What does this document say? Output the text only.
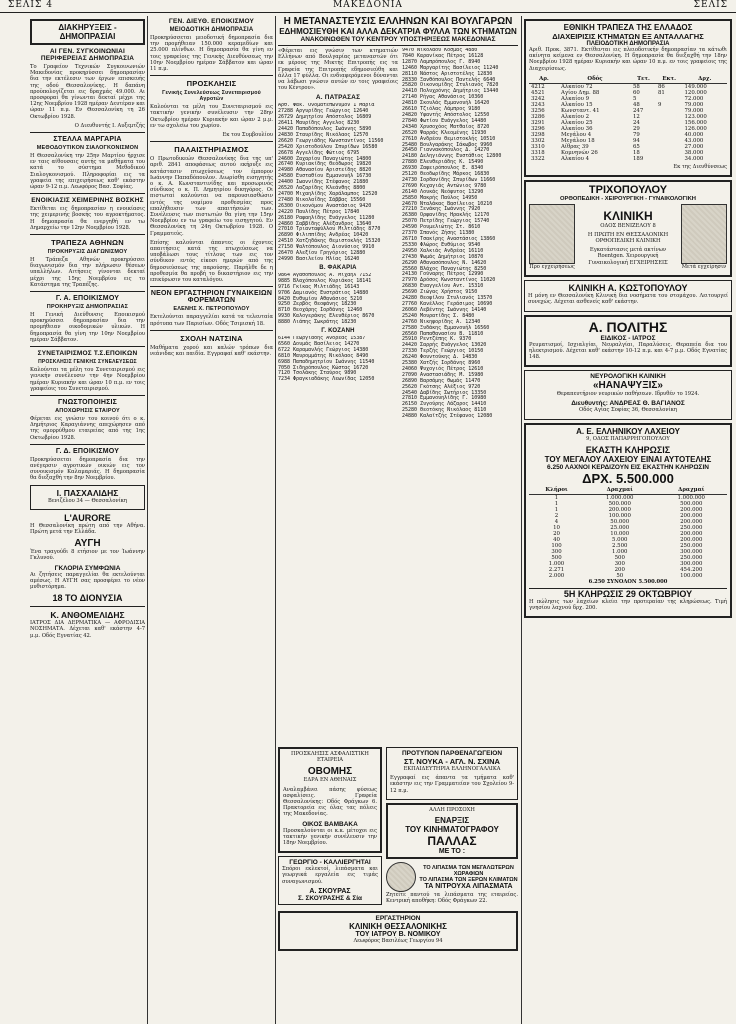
ΣΕΛΙΣ 4	ΜΑΚΕΔΟΝΙΑ	ΣΕΛΙΣ
ΔΙΑΚΗΡΥΞΕΙΣ - ΔΗΜΟΠΡΑΣΙΑΙ
ΑΙ ΓΕΝ. ΣΥΓΚΟΙΝΩΝΙΑΙ ΠΕΡΙΦΕΡΕΙΑΣ ΔΗΜΟΠΡΑΣΙΑ

Το Γραφείον Τεχνικών Συγκοινωνιών Μακεδονίας προκηρύσσει δημοπρασίαν δια την εκτέλεσιν των έργων επισκευής της οδού Θεσσαλονίκης. Η δαπάνη προϋπολογίζεται εις δραχμάς 49.000. Αι προσφοραί θα γίνωνται δεκταί μέχρι της 12ης Νοεμβρίου 1928 ημέραν Δευτέραν και ώραν 11 π.μ. Εν Θεσσαλονίκη τη 26 Οκτωβρίου 1928.

Ο Διευθυντής Ι. Αυξεμτζής

ΣΤΕΛΛΑ ΜΑΡΓΑΡΙΑ
ΜΕΘΟΔΟΥΤΙΚΟΝ ΣΙΑΛΟΓΚΟΝΙΣΜΟΝ

Η Θεσσαλονίκη την 25ην Μαρτίου ήρχισε εν ταις αίθουσαις αυτής τα μαθήματα του κατά το σύστημα Μεθοδικού Σιαλογκονισμού. Πληροφορίαι εις τα γραφεία της επιχειρήσεως καθ' εκάστην ώραν 9-12 π.μ. Λεωφόρος Βασ. Σοφίας.

ΕΝΟΙΚΙΑΣΙΣ ΧΕΙΜΕΡΙΝΗΣ ΒΟΣΚΗΣ

Εκτίθεται εις δημοπρασίαν η ενοικίασις της χειμερινής βοσκής του αγροκτήματος. Η δημοπρασία θα ενεργηθή εν τω Δημαρχείω την 12ην Νοεμβρίου 1928.

ΤΡΑΠΕΖΑ ΑΘΗΝΩΝ
ΠΡΟΚΗΡΥΞΙΣ ΔΙΑΓΩΝΙΣΜΟΥ

Η Τράπεζα Αθηνών προκηρύσσει διαγωνισμόν δια την πλήρωσιν θέσεων υπαλλήλων. Αιτήσεις γίνονται δεκταί μέχρι της 15ης Νοεμβρίου εις το Κατάστημα της Τραπέζης.

Γ. Α. ΕΠΟΙΚΙΣΜΟΥ
ΠΡΟΚΗΡΥΞΙΣ ΔΗΜΟΠΡΑΣΙΑΣ

Η Γενική Διεύθυνσις Εποικισμού προκηρύσσει δημοπρασίαν δια την προμήθειαν οικοδομικών υλικών. Η δημοπρασία θα γίνη την 10ην Νοεμβρίου ημέραν Σάββατον.

ΣΥΝΕΤΑΙΡΙΣΜΟΣ Τ.Σ.ΕΠΟΙΚΩΝ
ΠΡΟΣΚΛΗΣΙΣ ΓΕΝΙΚΗΣ ΣΥΝΕΛΕΥΣΕΩΣ

Καλούνται τα μέλη του Συνεταιρισμού εις γενικήν συνέλευσιν την 4ην Νοεμβρίου ημέραν Κυριακήν και ώραν 10 π.μ. εν τοις γραφείοις του Συνεταιρισμού.

ΓΝΩΣΤΟΠΟΙΗΣΙΣ
ΑΠΟΧΩΡΗΣΙΣ ΕΤΑΙΡΟΥ

Φέρεται εις γνώσιν του κοινού ότι ο κ. Δημήτριος Καραγιάννης απεχώρησεν από της ομορρύθμου εταιρείας από της 1ης Οκτωβρίου 1928.

Γ. Δ. ΕΠΟΙΚΙΣΜΟΥ

Προκηρύσσεται δημοπρασία δια την ανέγερσιν αγροτικών οικιών εις τον συνοικισμόν Καλαμαριάς. Η δημοπρασία θα διεξαχθή την 8ην Νοεμβρίου.

Ι. ΠΑΣΧΑΛΙΔΗΣ
Βενιζέλου 34 — Θεσσαλονίκη
L'AURORE

Η Θεσσαλονίκη πρώτη από την Αθήνα. Πρώτη μετά την Ελλάδα.

ΑΥΓΗ

Ένα τραγούδι 8 ετήσιον με τον Ίωάννην Γκλυνού.

ΓΚΛΟΡΙΑ ΣΥΜΦΩΝΙΑ

Αι ζητήσεις παραγγελίαι θα εκτελούνται αμέσως. Η ΑΥΓΗ σας προσφέρει το νέον μυθιστόρημα.

18 ΤΟ ΔΙΟΝΥΣΙΑ
Κ. ΑΝΘΟΜΕΛΙΔΗΣ

ΙΑΤΡΟΣ ΔΙΑ ΔΕΡΜΑΤΙΚΑ — ΑΦΡΟΔΙΣΙΑ ΝΟΣΗΜΑΤΑ. Δέχεται καθ' εκάστην 4-7 μ.μ. Οδός Εγνατίας 42.

ΓΕΝ. ΔΙΕΥΘ. ΕΠΟΙΚΙΣΜΟΥ
ΜΕΙΟΔΟΤΙΚΗ ΔΗΜΟΠΡΑΣΙΑ

Προκηρύσσεται μειοδοτική δημοπρασία δια την προμήθειαν 150.000 κεραμιδίων και 25.000 πλίνθων. Η δημοπρασία θα γίνη εν τοις γραφείοις της Γενικής Διευθύνσεως την 10ην Νοεμβρίου ημέραν Σάββατον και ώραν 11 π.μ.

ΠΡΟΣΚΛΗΣΙΣ
Γενικής Συνελεύσεως Συνεταιρισμού Αγροτών

Καλούνται τα μέλη του Συνεταιρισμού εις τακτικήν γενικήν συνέλευσιν την 28ην Οκτωβρίου ημέραν Κυριακήν και ώραν 2 μ.μ. εν τω σχολείω του χωρίου.

Εκ του Συμβουλίου

ΠΑΛΑΙΣΤΗΡΙΑΣΜΟΣ

Ο Πρωτοδικεών Θεσσαλονίκης δια της υπ' αριθ. 2841 αποφάσεως αυτού εκήρυξε εις κατάστασιν πτωχεύσεως τον έμπορον Ιωάννην Παπαδόπουλον. Διωρίσθη εισηγητής ο κ. Α. Κωνσταντινίδης και προσωρινός σύνδικος ο κ. Π. Δημητρίου δικηγόρος. Οι πιστωταί καλούνται να παρουσιασθώσιν εντός της νομίμου προθεσμίας προς επαλήθευσιν των απαιτήσεών των. Συνέλευσις των πιστωτών θα γίνη την 15ην Νοεμβρίου εν τω γραφείω του εισηγητού. Εν Θεσσαλονίκη τη 24η Οκτωβρίου 1928. Ο Γραμματεύς.

Επίσης καλούνται άπαντες οι έχοντες απαιτήσεις κατά της πτωχεύσεως να υποβάλωσι τους τίτλους των εις τον σύνδικον εντός είκοσι ημερών από της δημοσιεύσεως της παρούσης. Παρήλθε δε η προθεσμία θα προβή το δικαστήριον εις την επικύρωσιν του καταλόγου.

ΝΕΟΝ ΕΡΓΑΣΤΗΡΙΟΝ ΓΥΝΑΙΚΕΙΩΝ ΦΟΡΕΜΑΤΩΝ
ΕΛΕΝΗΣ Χ. ΠΕΤΡΟΠΟΥΛΟΥ

Εκτελούνται παραγγελίαι κατά τα τελευταία πρότυπα των Παρισίων. Οδός Τσιμισκή 18.

ΣΧΟΛΗ ΝΑΤΣΙΝΑ

Μαθήματα χορού και καλών τρόπων δια νεάνιδας και παιδία. Εγγραφαί καθ' εκάστην.

Η ΜΕΤΑΝΑΣΤΕΥΣΙΣ ΕΛΛΗΝΩΝ ΚΑΙ ΒΟΥΛΓΑΡΩΝ
ΕΔΗΜΟΣΙΕΥΘΗ ΚΑΙ ΑΛΛΑ ΔΕΚΑΤΡΙΑ ΦΥΛΛΑ ΤΩΝ ΚΤΗΜΑΤΩΝ
ΑΝΑΚΟΙΝΩΘΕΝ ΤΟΥ ΚΕΝΤΡΟΥ ΥΠΟΣΤΗΡΙΞΕΩΣ ΜΑΚΕΔΟΝΙΑΣ

«Φέρεται εις γνώσιν των κτηματιών Ελλήνων από Βουλγαρίας μεταναστών ότι εκ μέρους της Μικτής Επιτροπής εις τα Γραφεία της Επιτροπής εδημοσιεύθη και άλλα 17 φύλλα. Οι ενδιαφερόμενοι δύνανται να λάβωσι γνώσιν αυτών εν τοις γραφείοις του Κέντρου».

Α. ΠΑΤΡΑΣΑΣ
Αρθ. Φακ. Ονοματεπώνυμον 1 Μαρία
27288 Αργυρίδης Γεώργιος 12640
26729 Δημητρίου Απόστολος 16809
26411 Μαυρίδης Αγγελος 8230
24420 Παπαδόπουλος Ιωάννης 5890
24830 Σταυρίδης Νικόλαος 12570
26620 Γεωργιάδης Κωνσταντίνος 11560
25420 Χριστοδούλου Σπυρίδων 16580
26678 Αγγελίδης Φώτιος 6795
24600 Ζαχαρίου Παναγιώτης 14800
26740 Κυριακίδης Θεόδωρος 19820
24980 Αθανασίου Αριστείδης 8820
24580 Ευσταθίου Εμμανουήλ 16730
24400 Ιωαννίδης Στέφανος 21880
26520 Λαζαρίδης Κλεάνθης 8800
24700 Μιχαηλίδης Χαράλαμπος 12520
27480 Νικολαΐδης Σάββας 15560
26300 Οικονόμου Αναστάσιος 9420
24220 Παυλίδης Πέτρος 17840
26180 Ραφαηλίδης Ευάγγελος 11280
24860 Σαββίδης Αλέξανδρος 13640
27010 Τριανταφύλλου Μιλτιάδης 8770
26890 Φιλιππίδης Ανδρέας 10420
24510 Χατζηδάκης Θεμιστοκλής 15320
27150 Ψαλτόπουλος Διονύσιος 9910
26470 Αλεξίου Γρηγόριος 12880
24990 Βασιλείου Ηλίας 16240
Β. ΦΑΚΑΡΙΑ
9864 Αγαθόπουλος Α. Μιχαήλ 7152
9885 Βλαχόπουλος Κυριάκος 18141
9716 Γκίκας Μιλτιάδης 16143
9706 Δαμιανός Ευστράτιος 14880
8420 Ευθυμίου Αθανάσιος 5210
9250 Ζερβός Θεοφάνης 18230
8710 Θεοχάρης Ιορδάνης 12460
9930 Καλογεράκης Ελευθέριος 8670
8880 Λιάπης Σωκράτης 18230
Γ. ΚΟΖΑΝΗ
6144 Γεωργιάδης Ανδρέας 15387
6560 Δουμάς Βασίλειος 14270
6722 Καραμανλής Γεώργιος 14380
6810 Μαυρομμάτης Νικόλαος 8490
6988 Παπαδημητρίου Ιωάννης 11540
7050 Σιδηρόπουλος Κώστας 16720
7120 Τσολάκης Σταύρος 9890
7234 Φραγκιαδάκης Λεωνίδας 12050
9470 Νικολάου Κοσμάς 4880
7840 Καρανίκας Πέτρος 16128
12870 Λαμπρόπουλος Γ. 8940
12460 Μαργαρίτης Βασίλειος 11240
28110 Νάστος Αριστοτέλης 12830
28330 Ξανθόπουλος Παντελής 6640
25820 Οικονομίδης Στυλιανός 7820
24410 Πολυχρόνης Δημήτριος 13440
27140 Ρήγας Αθανάσιος 10360
24810 Σκουλάς Εμμανουήλ 16420
26610 Τζιόλας Λάμπρος 9180
24820 Υφαντής Απόστολος 12550
27840 Φωτίου Ευάγγελος 14480
24340 Χρυσοχόος Ματθαίος 8720
26520 Ψαρράς Κλεομένης 11930
27610 Ανδρέου Θεμιστοκλής 10510
25480 Βουλγαράκης Ιάκωβος 9960
26450 Γιαννακόπουλος Δ. 14270
24180 Δεληγιάννης Ευστάθιος 12800
27880 Ελευθεριάδης Κ. 15490
26930 Ζαφειρόπουλος Ε. 8340
25120 Θεοδωρίδης Μάρκος 16830
24730 Ιορδανίδης Σπυρίδων 11660
27690 Κεχαγιάς Αντώνιος 9780
26140 Λουκάς Νεόφυτος 13290
25850 Μακρής Παύλος 14950
24670 Νταλάκας Βασίλειος 10210
27210 Ξενάκης Ιωάννης 7920
26380 Ορφανίδης Ηρακλής 12170
25070 Πετρίδης Γεώργιος 15740
24590 Ρουμελιώτης Στ. 8610
27370 Σπανός Ζήσης 11380
26710 Τσακίρης Αναστάσιος 13860
25330 Φλώρος Ευθύμιος 9540
24950 Χαλκιάς Ανδρέας 16110
27430 Ψωμάς Δημήτριος 10870
26290 Αθανασόπουλος Ν. 14620
25560 Βλάχος Παναγιώτης 8250
24130 Γούναρης Πέτρος 12990
27970 Δρόσος Κωνσταντίνος 11020
26830 Ευαγγελίου Αντ. 15310
25690 Ζιώγας Χρήστος 9150
24280 Θεοφίλου Στυλιανός 13570
27760 Κανέλλος Γεράσιμος 10690
26060 Λεβέντης Ιωάννης 14140
25240 Μουρατίδης Σ. 8480
24760 Νικηφορίδης Α. 12340
27580 Ξυδάκης Εμμανουήλ 16560
26560 Παπαθανασίου Β. 11810
25910 Ρεντζέπης Κ. 9370
24420 Σαρρής Ευάγγελος 13020
27330 Τερζής Γεώργιος 10150
26240 Φουντούκης Δ. 14830
25380 Χατζής Ιορδάνης 8960
24060 Ψυχογιός Πέτρος 12610
27090 Αναστασιάδης Μ. 15980
26890 Βαρσάμης Θωμάς 11470
25620 Γκότσης Αλέξιος 9720
24540 Δαβίδης Σωτήριος 13350
27810 Εμμανουηλίδης Γ. 10980
26150 Ζυγούρης Λάζαρος 14410
25280 Θεοτόκης Νικόλαος 8110
24880 Καλαϊτζής Στέφανος 12080
ΠΡΟΣΚΛΗΣΙΣ ΑΣΦΑΛΙΣΤΙΚΗ ΕΤΑΙΡΕΙΑ
ΟΒΟΜΗΣ
ΕΔΡΑ ΕΝ ΑΘΗΝΑΙΣ

Αναλαμβάνει πάσης φύσεως ασφαλίσεις. Γραφεία Θεσσαλονίκης: Οδός Φράγκων 6. Πρακτορεία εις όλας τας πόλεις της Μακεδονίας.

ΟΙΚΟΣ ΒΑΜΒΑΚΑ

Προσκαλούνται οι κ.κ. μέτοχοι εις τακτικήν γενικήν συνέλευσιν την 18ην Νοεμβρίου.

ΓΕΩΡΓΙΟ - ΚΑΛΛΙΕΡΓΗΤΑΙ

Σπόροι εκλεκτοί, λιπάσματα και γεωργικά εργαλεία εις τιμάς συναγωνισμού.

Α. ΣΚΟΥΡΑΣ
Σ. ΣΚΟΥΡΑΣΗΣ & Σία
ΠΡΟΤΥΠΟΝ ΠΑΡΘΕΝΑΓΩΓΕΙΟΝ
ΣΤ. ΝΟΥΚΑ - ΑΓΛ. Ν. ΣΧΙΝΑ
ΕΚΠΑΙΔΕΥΤΗΡΙΑ ΕΛΛΗΝΟΓΑΛΛΙΚΑ

Εγγραφαί εις άπαντα τα τμήματα καθ' εκάστην εις την Γραμματείαν του Σχολείου 9-12 π.μ.

ΑΛΛΗ ΠΡΟΣΟΧΗ
ΕΝΑΡΞΙΣ
ΤΟΥ ΚΙΝΗΜΑΤΟΓΡΑΦΟΥ
ΠΑΛΛΑΣ
ΜΕ ΤΟ :
ΤΟ ΛΙΠΑΣΜΑ ΤΩΝ ΜΕΓΑΛΩΤΕΡΩΝ ΧΩΡΑΦΙΩΝ
ΤΟ ΛΙΠΑΣΜΑ ΤΩΝ ΞΕΡΩΝ ΚΛΙΜΑΤΩΝ
ΤΑ ΝΙΤΡΟΥΧΑ ΛΙΠΑΣΜΑΤΑ

Ζητείτε παντού τα λιπάσματα της εταιρείας. Κεντρική αποθήκη: Οδός Φράγκων 22.

ΕΡΓΑΣΤΗΡΙΟΝ
ΚΛΙΝΙΚΗ ΘΕΣΣΑΛΟΝΙΚΗΣ
ΤΟΥ ΙΑΤΡΟΥ Β. ΝΟΜΙΚΟΥ
Λεωφόρος Βασιλέως Γεωργίου 94
ΕΘΝΙΚΗ ΤΡΑΠΕΖΑ ΤΗΣ ΕΛΛΑΔΟΣ
ΔΙΑΧΕΙΡΙΣΙΣ ΚΤΗΜΑΤΩΝ ΕΞ ΑΝΤΑΛΛΑΓΗΣ
ΠΛΕΙΟΔΟΤΙΚΗ ΔΗΜΟΠΡΑΣΙΑ

Αριθ. Προκ. 3871. Εκτίθενται εις πλειοδοτικήν δημοπρασίαν τα κάτωθι ακίνητα κείμενα εν Θεσσαλονίκη. Η δημοπρασία θα διεξαχθή την 18ην Νοεμβρίου 1928 ημέραν Κυριακήν και ώραν 10 π.μ. εν τοις γραφείοις της Διαχειρίσεως.

Αρ.	Οδός	Τετ.	Εκτ.	Δρχ.
4212	Αλκαίου 72	58	86	149.000
4521	Αγίου Δημ. 88	60	81	120.000
3242	Αλκαίου 9	5		72.000
3243	Αλκαίου 15	48	9	79.000
3256	Κωνσταντ. 41	247		79.000
3286	Αλκαίου 2	12		123.000
3291	Αλκαίου 25	24		156.000
3296	Αλκαίου 36	29		126.000
3298	Μεγάλου 4	79		40.000
3302	Μεγάλου 18	94		43.000
3310	Αίθρας 39	65		27.000
3318	Κομνηνών 26	18		38.000
3322	Αλκαίου 4	189		34.000

Εκ της Διευθύνσεως

ΤΡΙΧΟΠΟΥΛΟΥ
ΟΡΘΟΠΕΔΙΚΗ - ΧΕΙΡΟΥΡΓΙΚΗ - ΓΥΝΑΙΚΟΛΟΓΙΚΗ
Προ εγχειρήσεως
ΚΛΙΝΙΚΗ
ΟΔΟΣ ΒΕΝΙΖΕΛΟΥ 8
Η ΠΡΩΤΗ ΕΝ ΘΕΣΣΑΛΟΝΙΚΗ ΟΡΘΟΠΕΔΙΚΗ ΚΛΙΝΙΚΗ
Εγκατάστασις μετά ακτίνων Roentgen. Χειρουργική Γυναικολογική ΕΓΧΕΙΡΗΣΕΙΣ
Μετά εγχείρησιν
ΚΛΙΝΙΚΗ Α. ΚΩΣΤΟΠΟΥΛΟΥ

Η μόνη εν Θεσσαλονίκη Κλινική δια νοσήματα του στομάχου. Λειτουργεί συνεχώς. Δέχεται ασθενείς καθ' εκάστην.

Α. ΠΟΛΙΤΗΣ
ΕΙΔΙΚΟΣ - ΙΑΤΡΟΣ

Ρευματισμοί, Ισχιαλγίαι, Νευραλγίαι, Παραλύσεις. Θεραπεία δια του ηλεκτρισμού. Δέχεται καθ' εκάστην 10-12 π.μ. και 4-7 μ.μ. Οδός Εγνατίας 148.

ΝΕΥΡΟΛΟΓΙΚΗ ΚΛΙΝΙΚΗ
«ΗΑΝΑΨΥΞΙΣ»
Θεραπευτήριον νευρικών παθήσεων. Ιδρυθέν το 1924.
Διευθυντής: ΑΝΔΡΕΑΣ Θ. ΒΑΓΙΑΝΟΣ
Οδός Αγίας Σοφίας 36, Θεσσαλονίκη
Α. Ε. ΕΛΛΗΝΙΚΟΥ ΛΑΧΕΙΟΥ
9, ΟΔΟΣ ΠΑΠΑΡΡΗΓΟΠΟΥΛΟΥ
ΕΚΑΣΤΗ ΚΛΗΡΩΣΙΣ
ΤΟΥ ΜΕΓΑΛΟΥ ΛΑΧΕΙΟΥ ΕΙΝΑΙ ΑΥΤΟΤΕΛΗΣ
6.250 ΛΑΧΝΟΙ ΚΕΡΔΙΖΟΥΝ ΕΙΣ ΕΚΑΣΤΗΝ ΚΛΗΡΩΣΙΝ
ΔΡΧ. 5.500.000
Κλήροι	Δραχμαί	Δραχμαί
1	1.000.000	1.000.000
1	500.000	500.000
1	200.000	200.000
2	100.000	200.000
4	50.000	200.000
10	25.000	250.000
20	10.000	200.000
40	5.000	200.000
100	2.500	250.000
300	1.000	300.000
500	500	250.000
1.000	300	300.000
2.271	200	454.200
2.000	50	100.000
6.250 ΣΥΝΟΛΟΝ 5.500.000
5Η ΚΛΗΡΩΣΙΣ 29 ΟΚΤΩΒΡΙΟΥ

Η πώλησις των λαχείων κλείει την προτεραίαν της κληρώσεως. Τιμή γνησίου λαχνού δρχ. 200.
